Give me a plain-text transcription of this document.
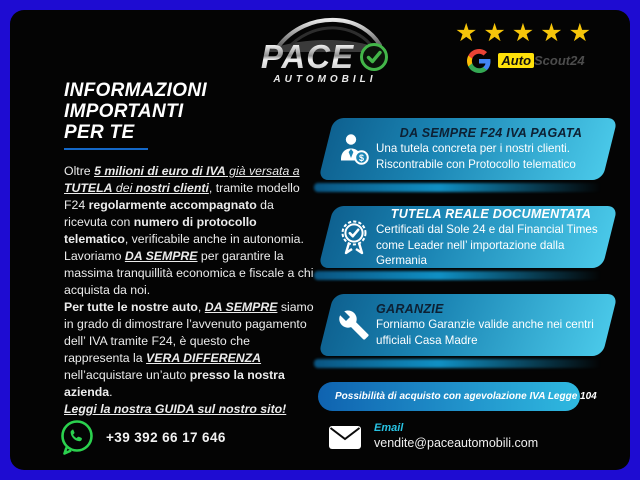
PACE
AUTOMOBILI
★★★★★
Auto Scout24
INFORMAZIONI
IMPORTANTI
PER TE

Oltre 5 milioni di euro di IVA già versata a TUTELA dei nostri clienti, tramite modello F24 regolarmente accompagnato da ricevuta con numero di protocollo telematico, verificabile anche in autonomia. Lavoriamo DA SEMPRE per garantire la massima tranquillità economica e fiscale a chi acquista da noi.

Per tutte le nostre auto, DA SEMPRE siamo in grado di dimostrare l’avvenuto pagamento dell’ IVA tramite F24, è questo che rappresenta la VERA DIFFERENZA nell’acquistare un’auto presso la nostra azienda.

Leggi la nostra GUIDA sul nostro sito!

$
DA SEMPRE F24 IVA PAGATA
Una tutela concreta per i nostri clienti.
Riscontrabile con Protocollo telematico
TUTELA REALE DOCUMENTATA
Certificati dal Sole 24 e dal Financial Times
come Leader nell’ importazione dalla Germania
GARANZIE
Forniamo Garanzie valide anche nei centri
ufficiali Casa Madre
Possibilità di acquisto con agevolazione IVA Legge 104
+39 392 66 17 646
Email
vendite@paceautomobili.com
